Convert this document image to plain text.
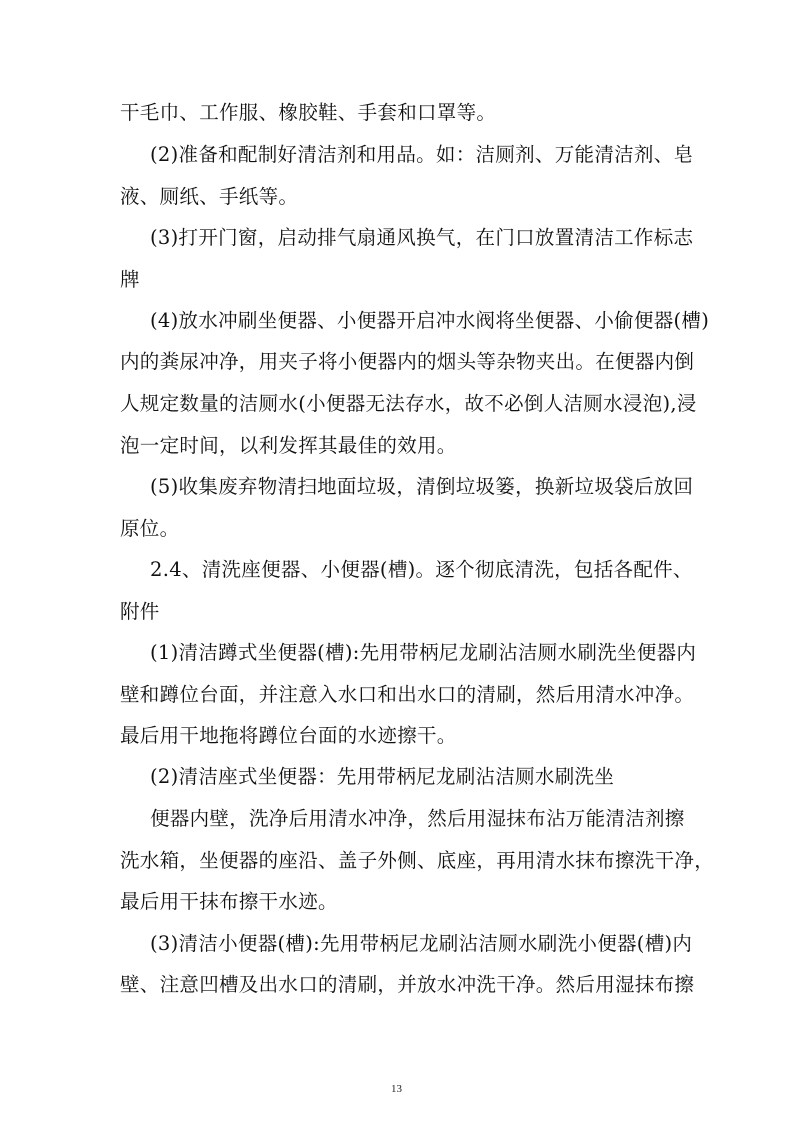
13
干毛巾、工作服、橡胶鞋、手套和口罩等。
(2)准备和配制好清洁剂和用品。如：洁厕剂、万能清洁剂、皂
液、厕纸、手纸等。
(3)打开门窗，启动排气扇通风换气，在门口放置清洁工作标志
牌
(4)放水冲刷坐便器、小便器开启冲水阀将坐便器、小偷便器(槽)
内的粪尿冲净，用夹子将小便器内的烟头等杂物夹出。在便器内倒
人规定数量的洁厕水(小便器无法存水，故不必倒人洁厕水浸泡),浸
泡一定时间，以利发挥其最佳的效用。
(5)收集废弃物清扫地面垃圾，清倒垃圾篓，换新垃圾袋后放回
原位。
2.4、清洗座便器、小便器(槽)。逐个彻底清洗，包括各配件、
附件
(1)清洁蹲式坐便器(槽):先用带柄尼龙刷沾洁厕水刷洗坐便器内
壁和蹲位台面，并注意入水口和出水口的清刷，然后用清水冲净。
最后用干地拖将蹲位台面的水迹擦干。
(2)清洁座式坐便器：先用带柄尼龙刷沾洁厕水刷洗坐
便器内壁，洗净后用清水冲净，然后用湿抹布沾万能清洁剂擦
洗水箱，坐便器的座沿、盖子外侧、底座，再用清水抹布擦洗干净，
最后用干抹布擦干水迹。
(3)清洁小便器(槽):先用带柄尼龙刷沾洁厕水刷洗小便器(槽)内
壁、注意凹槽及出水口的清刷，并放水冲洗干净。然后用湿抹布擦
